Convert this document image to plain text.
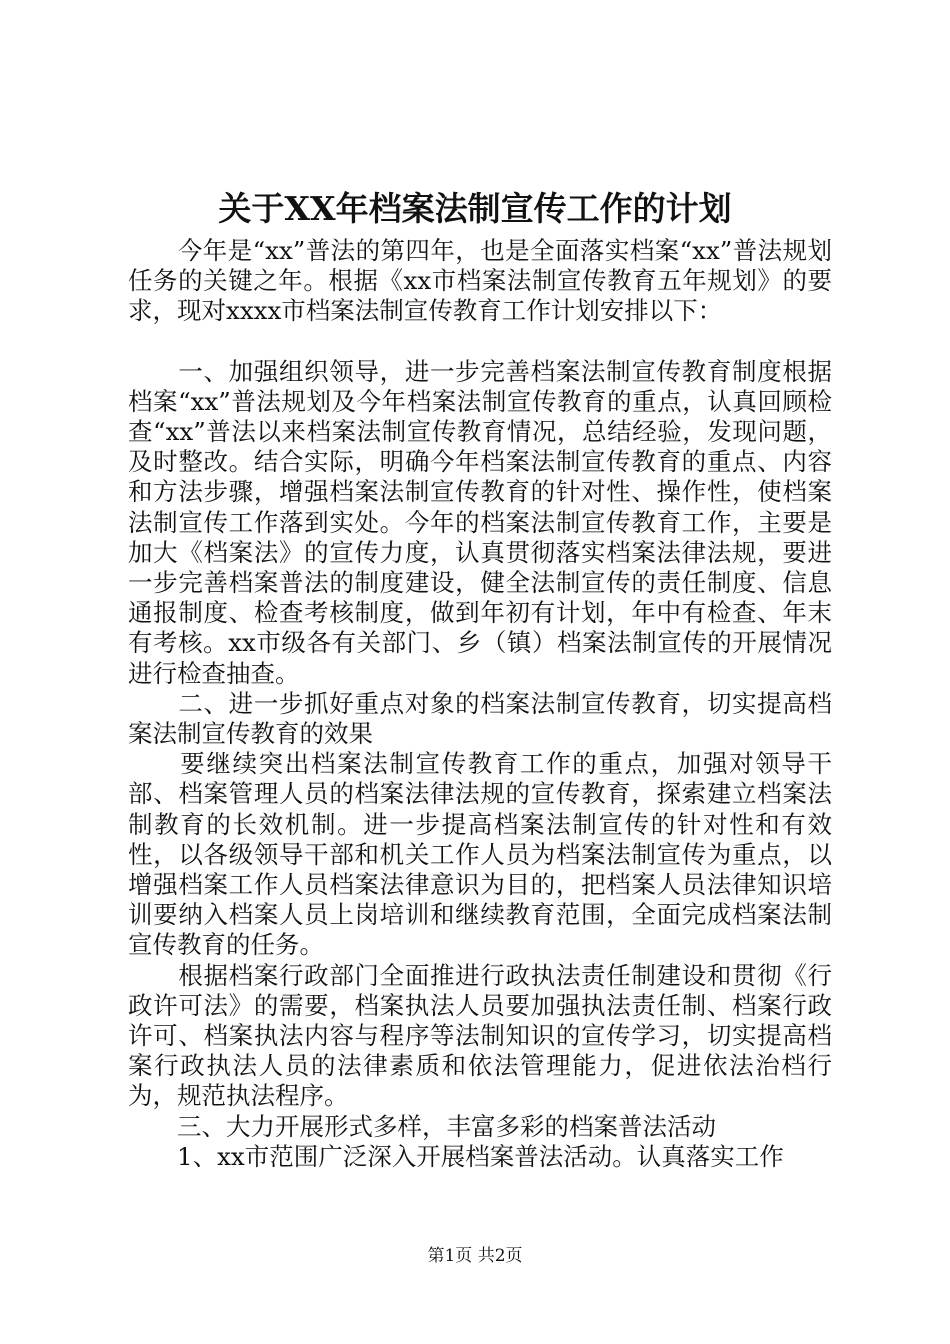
关于XX年档案法制宣传工作的计划

　　今年是“xx”普法的第四年，也是全面落实档案“xx”普法规划任务的关键之年。根据《xx市档案法制宣传教育五年规划》的要求，现对xxxx市档案法制宣传教育工作计划安排以下：

　　一、加强组织领导，进一步完善档案法制宣传教育制度根据档案“xx”普法规划及今年档案法制宣传教育的重点，认真回顾检查“xx”普法以来档案法制宣传教育情况，总结经验，发现问题，及时整改。结合实际，明确今年档案法制宣传教育的重点、内容和方法步骤，增强档案法制宣传教育的针对性、操作性，使档案法制宣传工作落到实处。今年的档案法制宣传教育工作，主要是加大《档案法》的宣传力度，认真贯彻落实档案法律法规，要进一步完善档案普法的制度建设，健全法制宣传的责任制度、信息通报制度、检查考核制度，做到年初有计划，年中有检查、年末有考核。xx市级各有关部门、乡（镇）档案法制宣传的开展情况进行检查抽查。

　　二、进一步抓好重点对象的档案法制宣传教育，切实提高档案法制宣传教育的效果

　　要继续突出档案法制宣传教育工作的重点，加强对领导干部、档案管理人员的档案法律法规的宣传教育，探索建立档案法制教育的长效机制。进一步提高档案法制宣传的针对性和有效性，以各级领导干部和机关工作人员为档案法制宣传为重点，以增强档案工作人员档案法律意识为目的，把档案人员法律知识培训要纳入档案人员上岗培训和继续教育范围，全面完成档案法制宣传教育的任务。

　　根据档案行政部门全面推进行政执法责任制建设和贯彻《行政许可法》的需要，档案执法人员要加强执法责任制、档案行政许可、档案执法内容与程序等法制知识的宣传学习，切实提高档案行政执法人员的法律素质和依法管理能力，促进依法治档行为，规范执法程序。

　　三、大力开展形式多样，丰富多彩的档案普法活动

　　1、xx市范围广泛深入开展档案普法活动。认真落实工作

第1页 共2页
